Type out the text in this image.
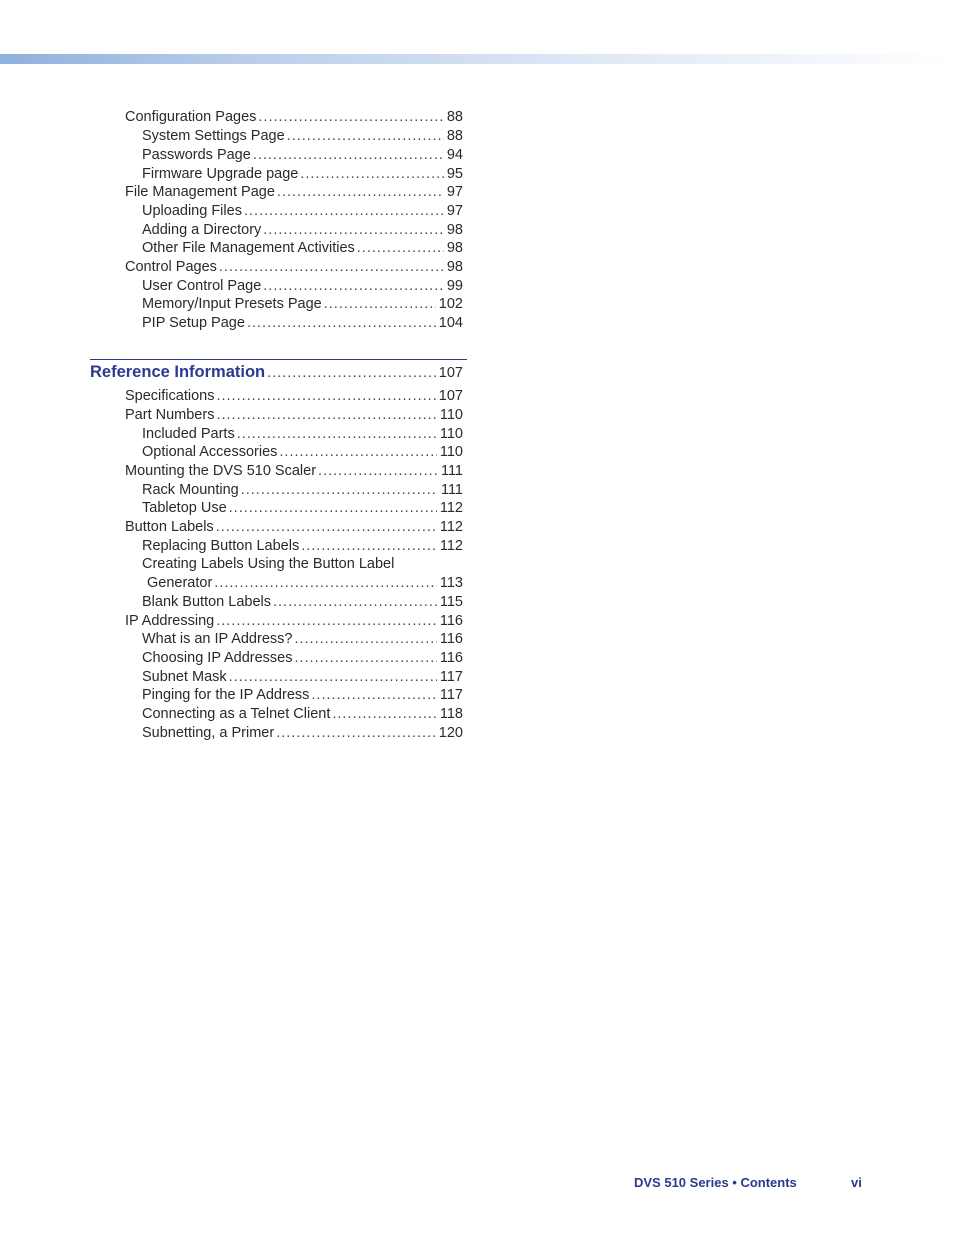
Configuration Pages .....	88
System Settings Page .....	88
Passwords Page .....	94
Firmware Upgrade page .....	95
File Management Page .....	97
Uploading Files .....	97
Adding a Directory .....	98
Other File Management Activities .....	98
Control Pages .....	98
User Control Page .....	99
Memory/Input Presets Page .....	102
PIP Setup Page .....	104
Reference Information .....	107
Specifications .....	107
Part Numbers .....	110
Included Parts .....	110
Optional Accessories .....	110
Mounting the DVS 510 Scaler .....	111
Rack Mounting .....	111
Tabletop Use .....	112
Button Labels .....	112
Replacing Button Labels .....	112
Creating Labels Using the Button Label
Generator .....	113
Blank Button Labels .....	115
IP Addressing .....	116
What is an IP Address? .....	116
Choosing IP Addresses .....	116
Subnet Mask .....	117
Pinging for the IP Address .....	117
Connecting as a Telnet Client .....	118
Subnetting, a Primer .....	120
DVS 510 Series • Contents	vi
